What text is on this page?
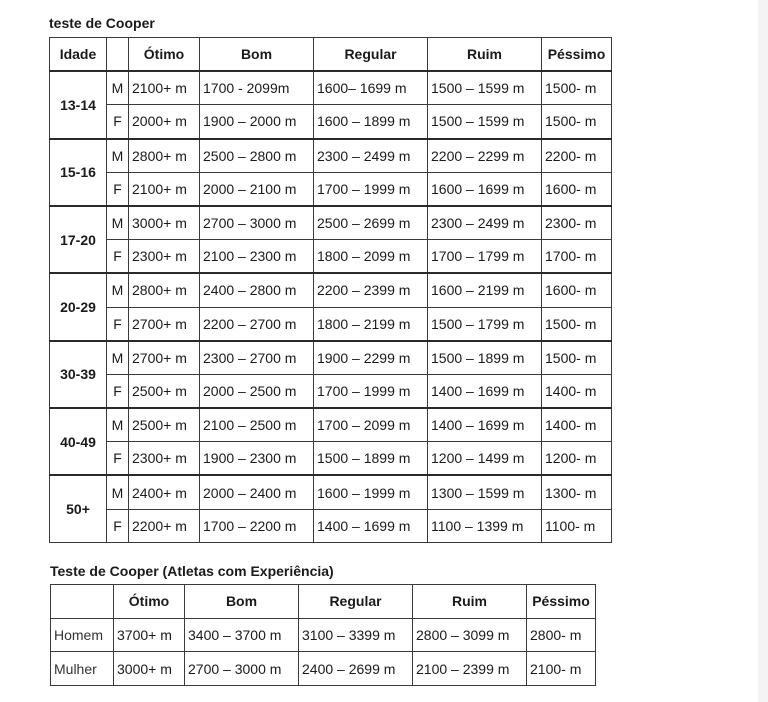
teste de Cooper
Idade		Ótimo	Bom	Regular	Ruim	Péssimo
13-14	M	2100+ m	1700 - 2099m	1600– 1699 m	1500 – 1599 m	1500- m
	F	2000+ m	1900 – 2000 m	1600 – 1899 m	1500 – 1599 m	1500- m
15-16	M	2800+ m	2500 – 2800 m	2300 – 2499 m	2200 – 2299 m	2200- m
	F	2100+ m	2000 – 2100 m	1700 – 1999 m	1600 – 1699 m	1600- m
17-20	M	3000+ m	2700 – 3000 m	2500 – 2699 m	2300 – 2499 m	2300- m
	F	2300+ m	2100 – 2300 m	1800 – 2099 m	1700 – 1799 m	1700- m
20-29	M	2800+ m	2400 – 2800 m	2200 – 2399 m	1600 – 2199 m	1600- m
	F	2700+ m	2200 – 2700 m	1800 – 2199 m	1500 – 1799 m	1500- m
30-39	M	2700+ m	2300 – 2700 m	1900 – 2299 m	1500 – 1899 m	1500- m
	F	2500+ m	2000 – 2500 m	1700 – 1999 m	1400 – 1699 m	1400- m
40-49	M	2500+ m	2100 – 2500 m	1700 – 2099 m	1400 – 1699 m	1400- m
	F	2300+ m	1900 – 2300 m	1500 – 1899 m	1200 – 1499 m	1200- m
50+	M	2400+ m	2000 – 2400 m	1600 – 1999 m	1300 – 1599 m	1300- m
	F	2200+ m	1700 – 2200 m	1400 – 1699 m	1100 – 1399 m	1100- m
Teste de Cooper (Atletas com Experiência)
	Ótimo	Bom	Regular	Ruim	Péssimo
Homem	3700+ m	3400 – 3700 m	3100 – 3399 m	2800 – 3099 m	2800- m
Mulher	3000+ m	2700 – 3000 m	2400 – 2699 m	2100 – 2399 m	2100- m
